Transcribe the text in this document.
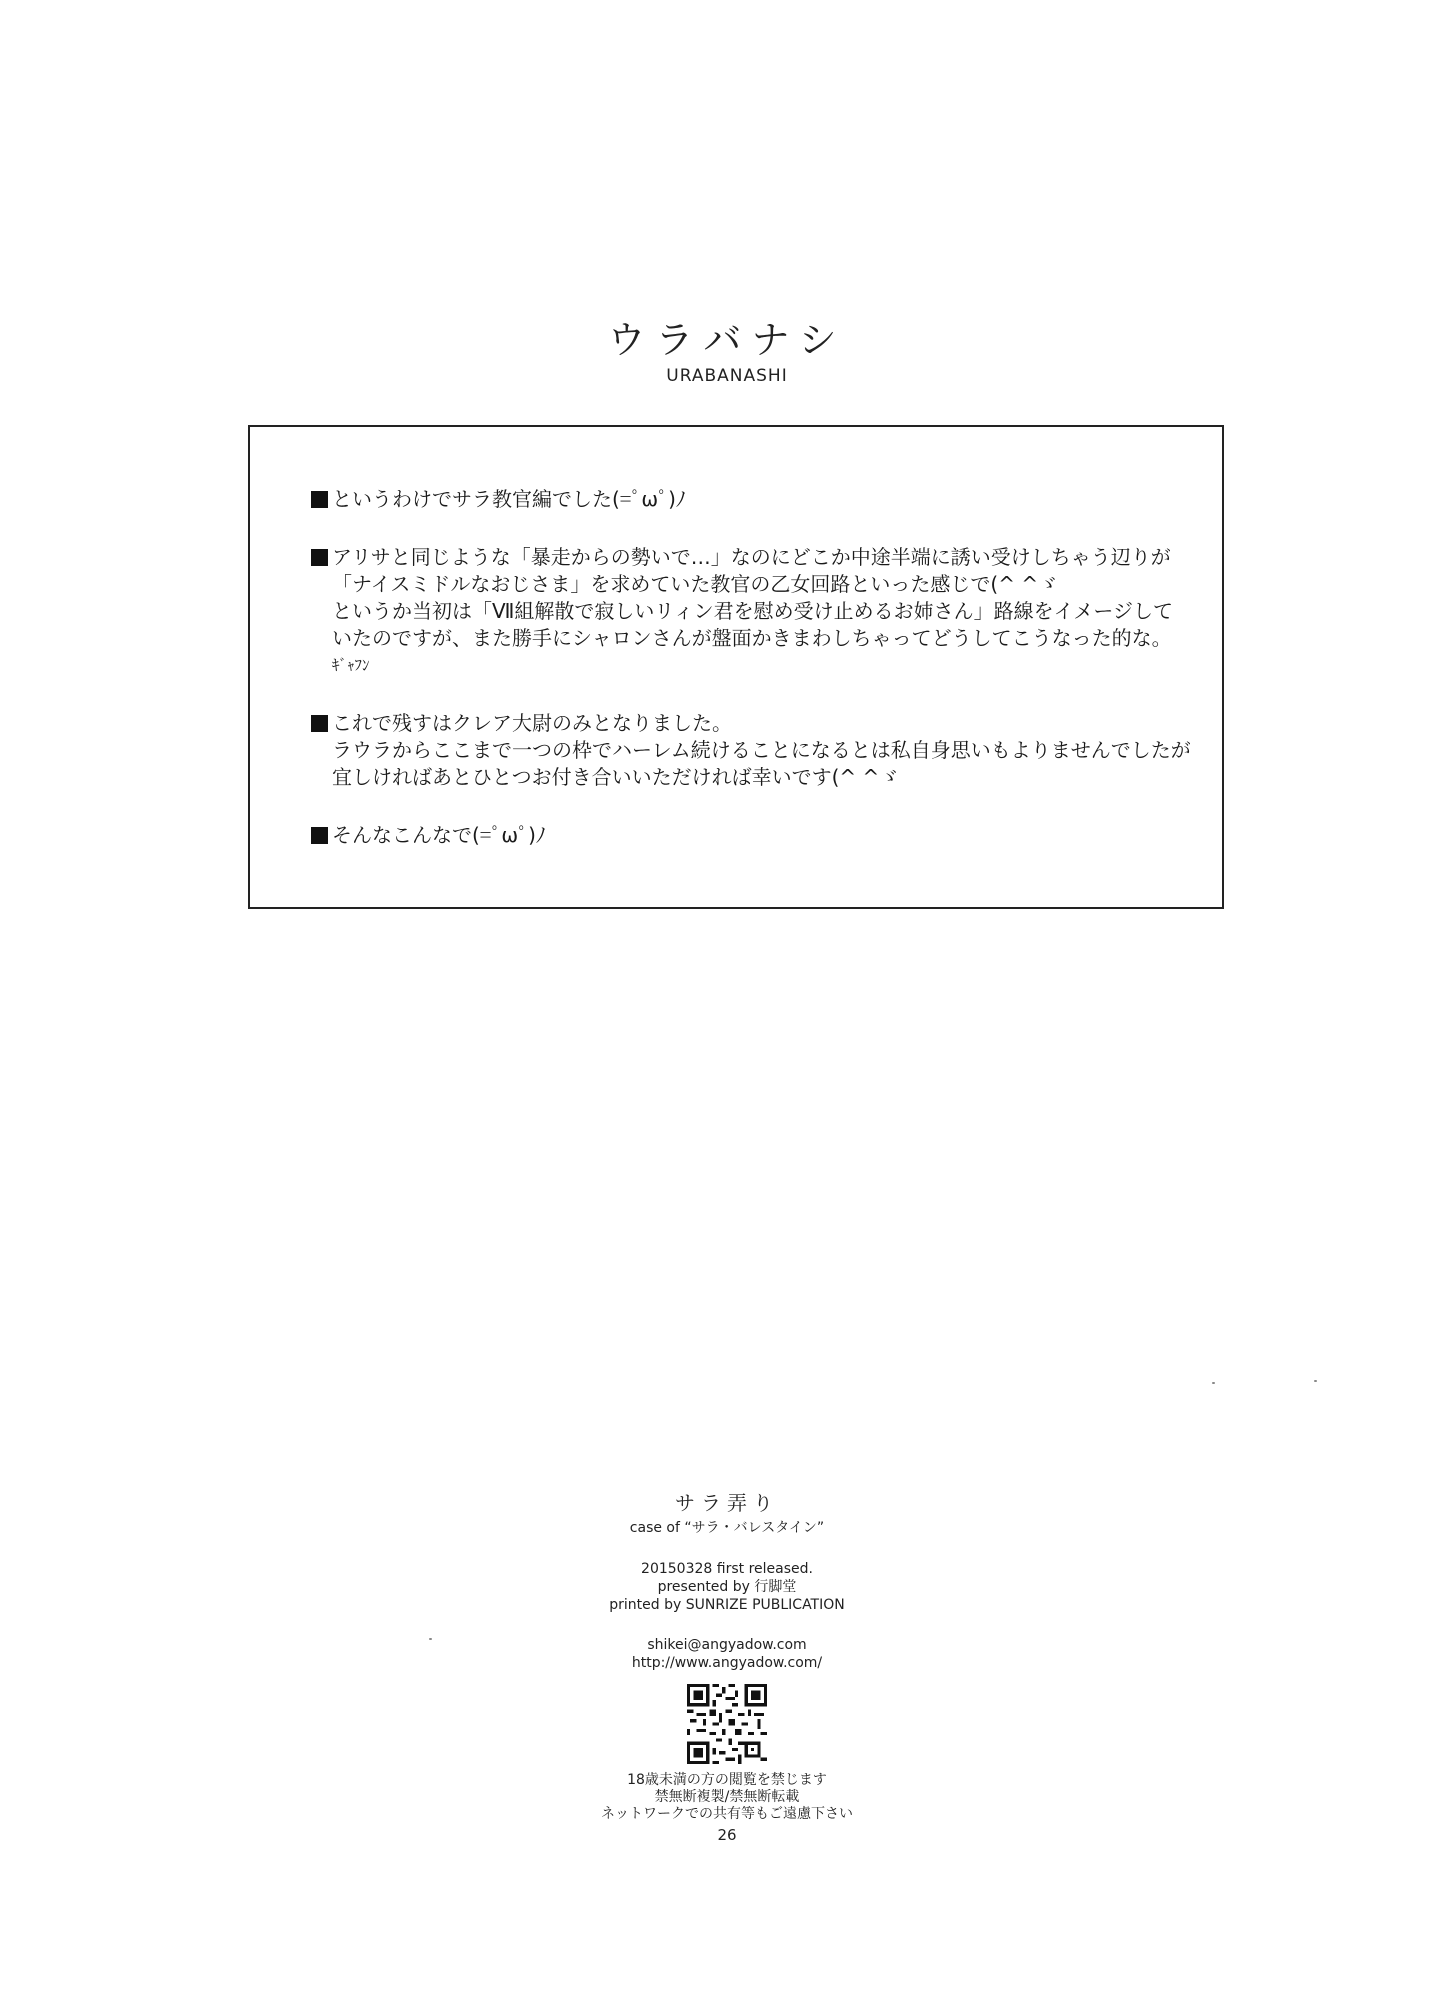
ウラバナシ
URABANASHI
というわけでサラ教官編でした(=ﾟωﾟ)ﾉ
アリサと同じような「暴走からの勢いで…」なのにどこか中途半端に誘い受けしちゃう辺りが
「ナイスミドルなおじさま」を求めていた教官の乙女回路といった感じで(^ ^ゞ
というか当初は「Ⅶ組解散で寂しいリィン君を慰め受け止めるお姉さん」路線をイメージして
いたのですが、また勝手にシャロンさんが盤面かきまわしちゃってどうしてこうなった的な。
ｷﾞｬﾌﾝ
これで残すはクレア大尉のみとなりました。
ラウラからここまで一つの枠でハーレム続けることになるとは私自身思いもよりませんでしたが
宜しければあとひとつお付き合いいただければ幸いです(^ ^ゞ
そんなこんなで(=ﾟωﾟ)ﾉ
サラ弄り
case of “サラ・バレスタイン”
20150328 first released.
presented by 行脚堂
printed by SUNRIZE PUBLICATION
shikei@angyadow.com
http://www.angyadow.com/
18歳未満の方の閲覧を禁じます
禁無断複製/禁無断転載
ネットワークでの共有等もご遠慮下さい
26
